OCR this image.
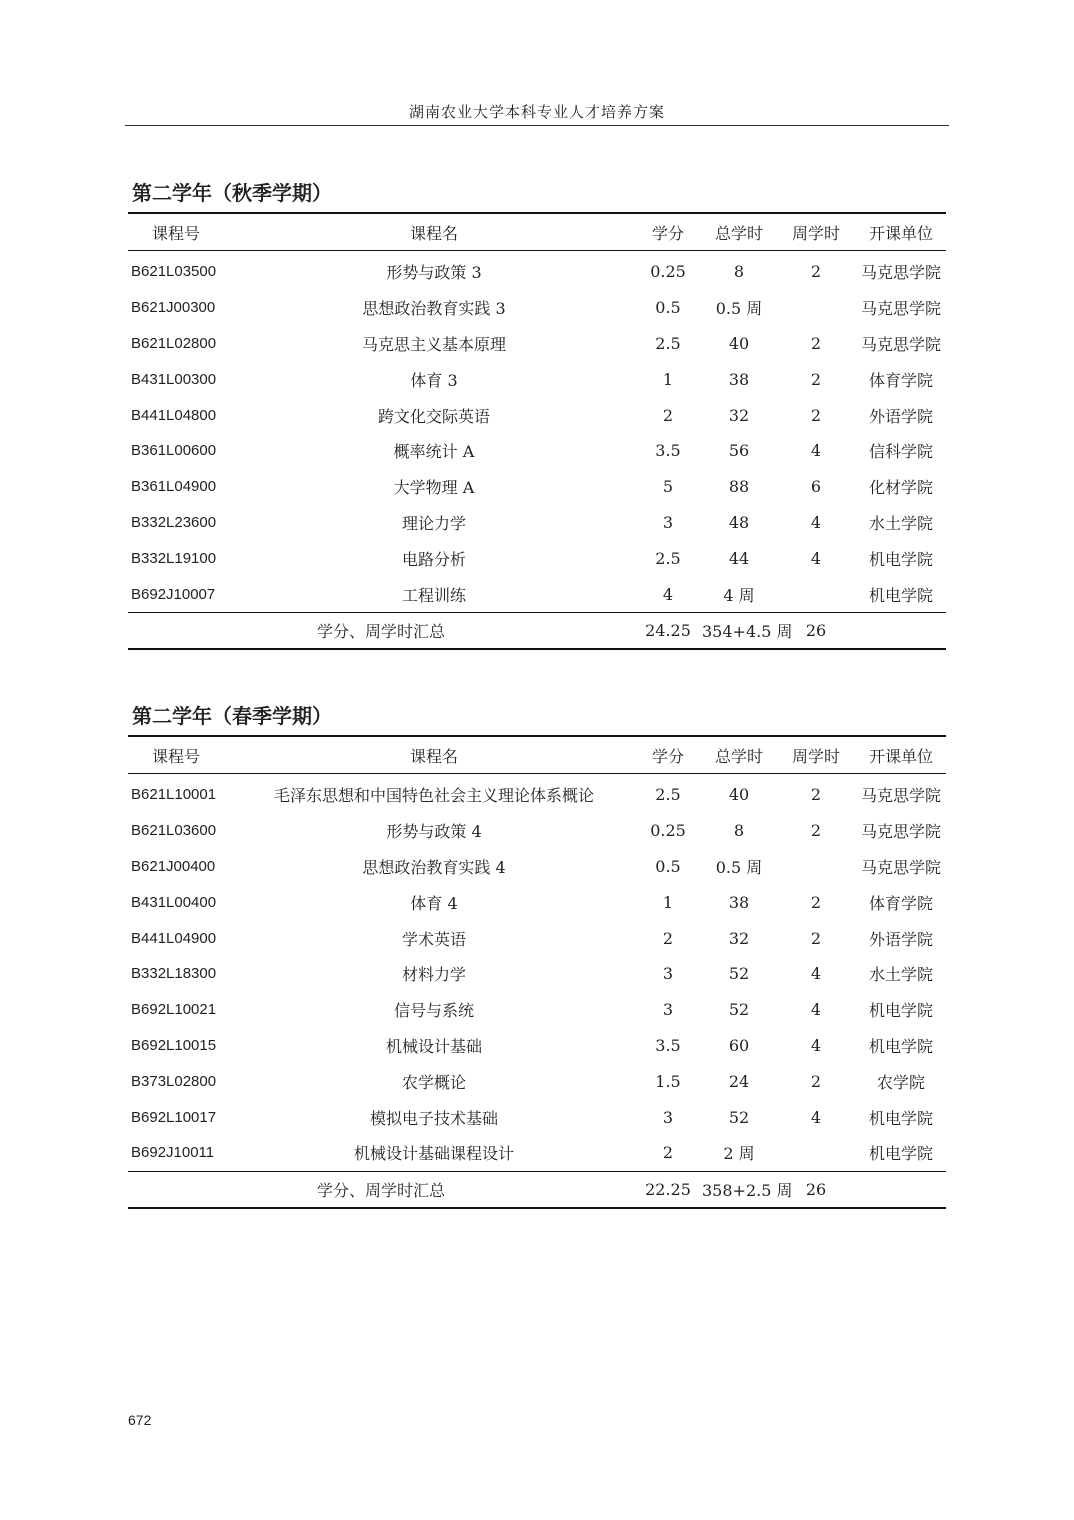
湖南农业大学本科专业人才培养方案
第二学年（秋季学期）
课程号	课程名	学分	总学时	周学时	开课单位
B621L03500	形势与政策 3	0.25	8	2	马克思学院
B621J00300	思想政治教育实践 3	0.5	0.5 周		马克思学院
B621L02800	马克思主义基本原理	2.5	40	2	马克思学院
B431L00300	体育 3	1	38	2	体育学院
B441L04800	跨文化交际英语	2	32	2	外语学院
B361L00600	概率统计 A	3.5	56	4	信科学院
B361L04900	大学物理 A	5	88	6	化材学院
B332L23600	理论力学	3	48	4	水土学院
B332L19100	电路分析	2.5	44	4	机电学院
B692J10007	工程训练	4	4 周		机电学院
学分、周学时汇总		24.25	354+4.5 周	26	
第二学年（春季学期）
课程号	课程名	学分	总学时	周学时	开课单位
B621L10001	毛泽东思想和中国特色社会主义理论体系概论	2.5	40	2	马克思学院
B621L03600	形势与政策 4	0.25	8	2	马克思学院
B621J00400	思想政治教育实践 4	0.5	0.5 周		马克思学院
B431L00400	体育 4	1	38	2	体育学院
B441L04900	学术英语	2	32	2	外语学院
B332L18300	材料力学	3	52	4	水土学院
B692L10021	信号与系统	3	52	4	机电学院
B692L10015	机械设计基础	3.5	60	4	机电学院
B373L02800	农学概论	1.5	24	2	农学院
B692L10017	模拟电子技术基础	3	52	4	机电学院
B692J10011	机械设计基础课程设计	2	2 周		机电学院
学分、周学时汇总		22.25	358+2.5 周	26	
672
